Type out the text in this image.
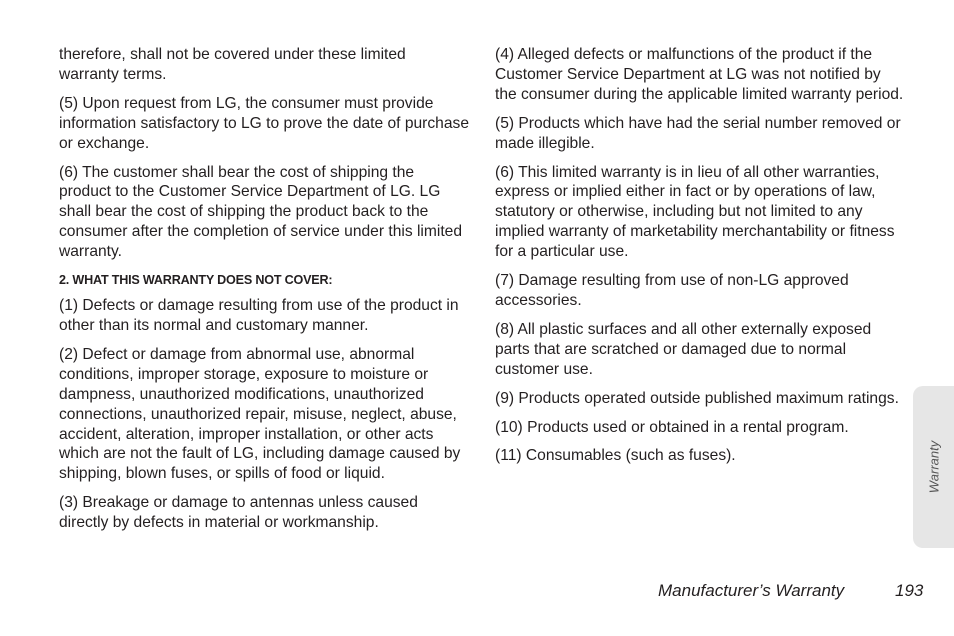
therefore, shall not be covered under these limited warranty terms.

(5) Upon request from LG, the consumer must provide information satisfactory to LG to prove the date of purchase or exchange.

(6) The customer shall bear the cost of shipping the product to the Customer Service Department of LG. LG shall bear the cost of shipping the product back to the consumer after the completion of service under this limited warranty.

2. WHAT THIS WARRANTY DOES NOT COVER:

(1) Defects or damage resulting from use of the product in other than its normal and customary manner.

(2) Defect or damage from abnormal use, abnormal conditions, improper storage, exposure to moisture or dampness, unauthorized modifications, unauthorized connections, unauthorized repair, misuse, neglect, abuse, accident, alteration, improper installation, or other acts which are not the fault of LG, including damage caused by shipping, blown fuses, or spills of food or liquid.

(3) Breakage or damage to antennas unless caused directly by defects in material or workmanship.

(4) Alleged defects or malfunctions of the product if the Customer Service Department at LG was not notified by the consumer during the applicable limited warranty period.

(5) Products which have had the serial number removed or made illegible.

(6) This limited warranty is in lieu of all other warranties, express or implied either in fact or by operations of law, statutory or otherwise, including but not limited to any implied warranty of marketability merchantability or fitness for a particular use.

(7) Damage resulting from use of non-LG approved accessories.

(8) All plastic surfaces and all other externally exposed parts that are scratched or damaged due to normal customer use.

(9) Products operated outside published maximum ratings.

(10) Products used or obtained in a rental program.

(11) Consumables (such as fuses).	Warranty
Manufacturer’s Warranty	193
